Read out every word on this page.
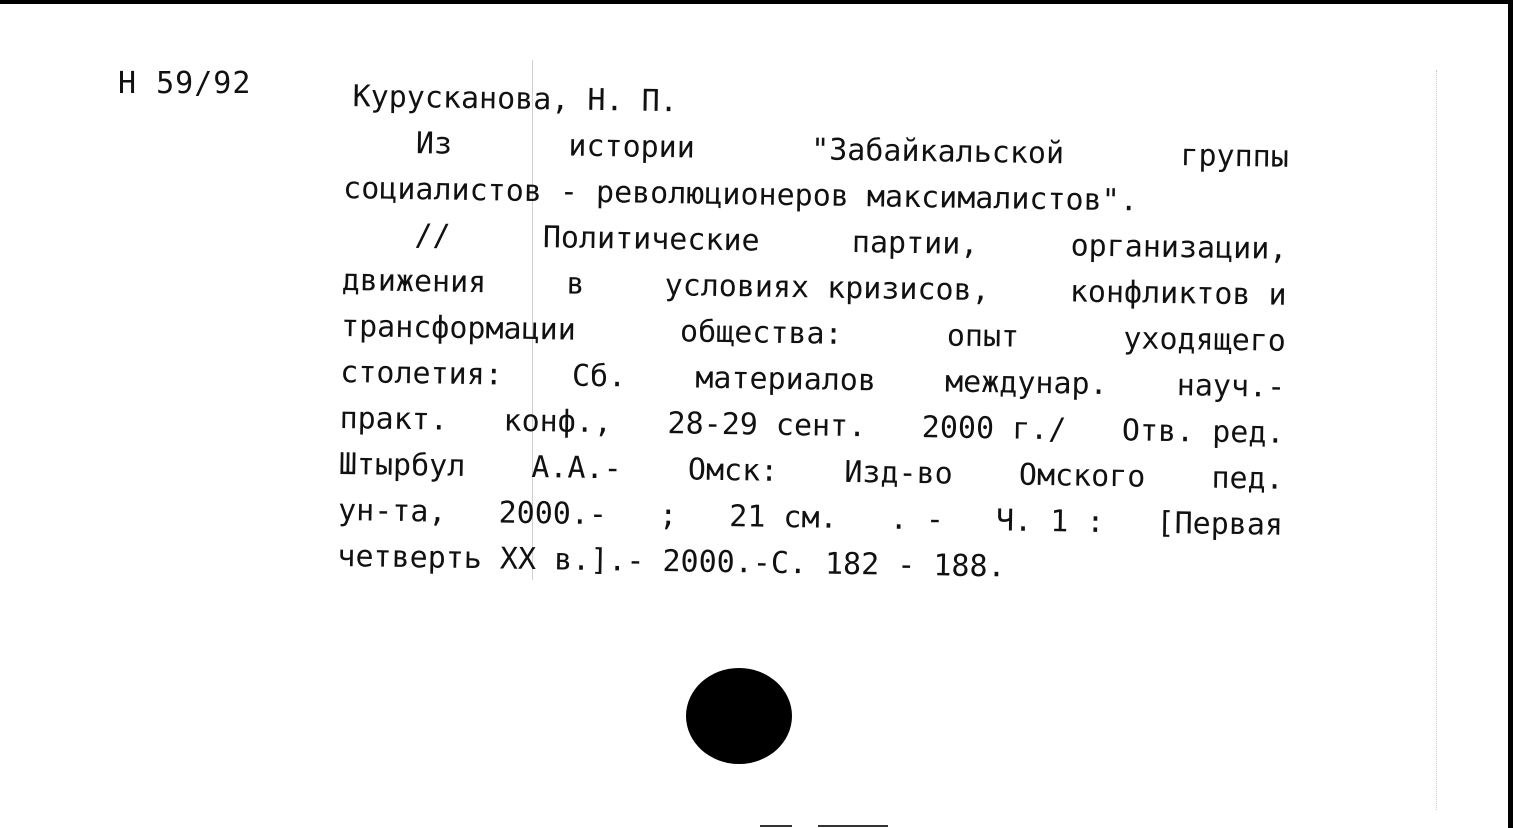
Н 59/92	Курусканова, Н. П.
Из	истории	"Забайкальской	группы
социалистов - революционеров максималистов".
//	Политические	партии,	организации,
движения	в	условиях кризисов,	конфликтов и
трансформации	общества:	опыт	уходящего
столетия: Сб. материалов междунар. науч.-
практ. конф., 28-29 сент. 2000 г./ Отв. ред.
Штырбул А.А.- Омск: Изд-во Омского пед.
ун-та, 2000.- ; 21 см. . - Ч. 1 : [Первая
четверть XX в.].- 2000.-С. 182 - 188.
